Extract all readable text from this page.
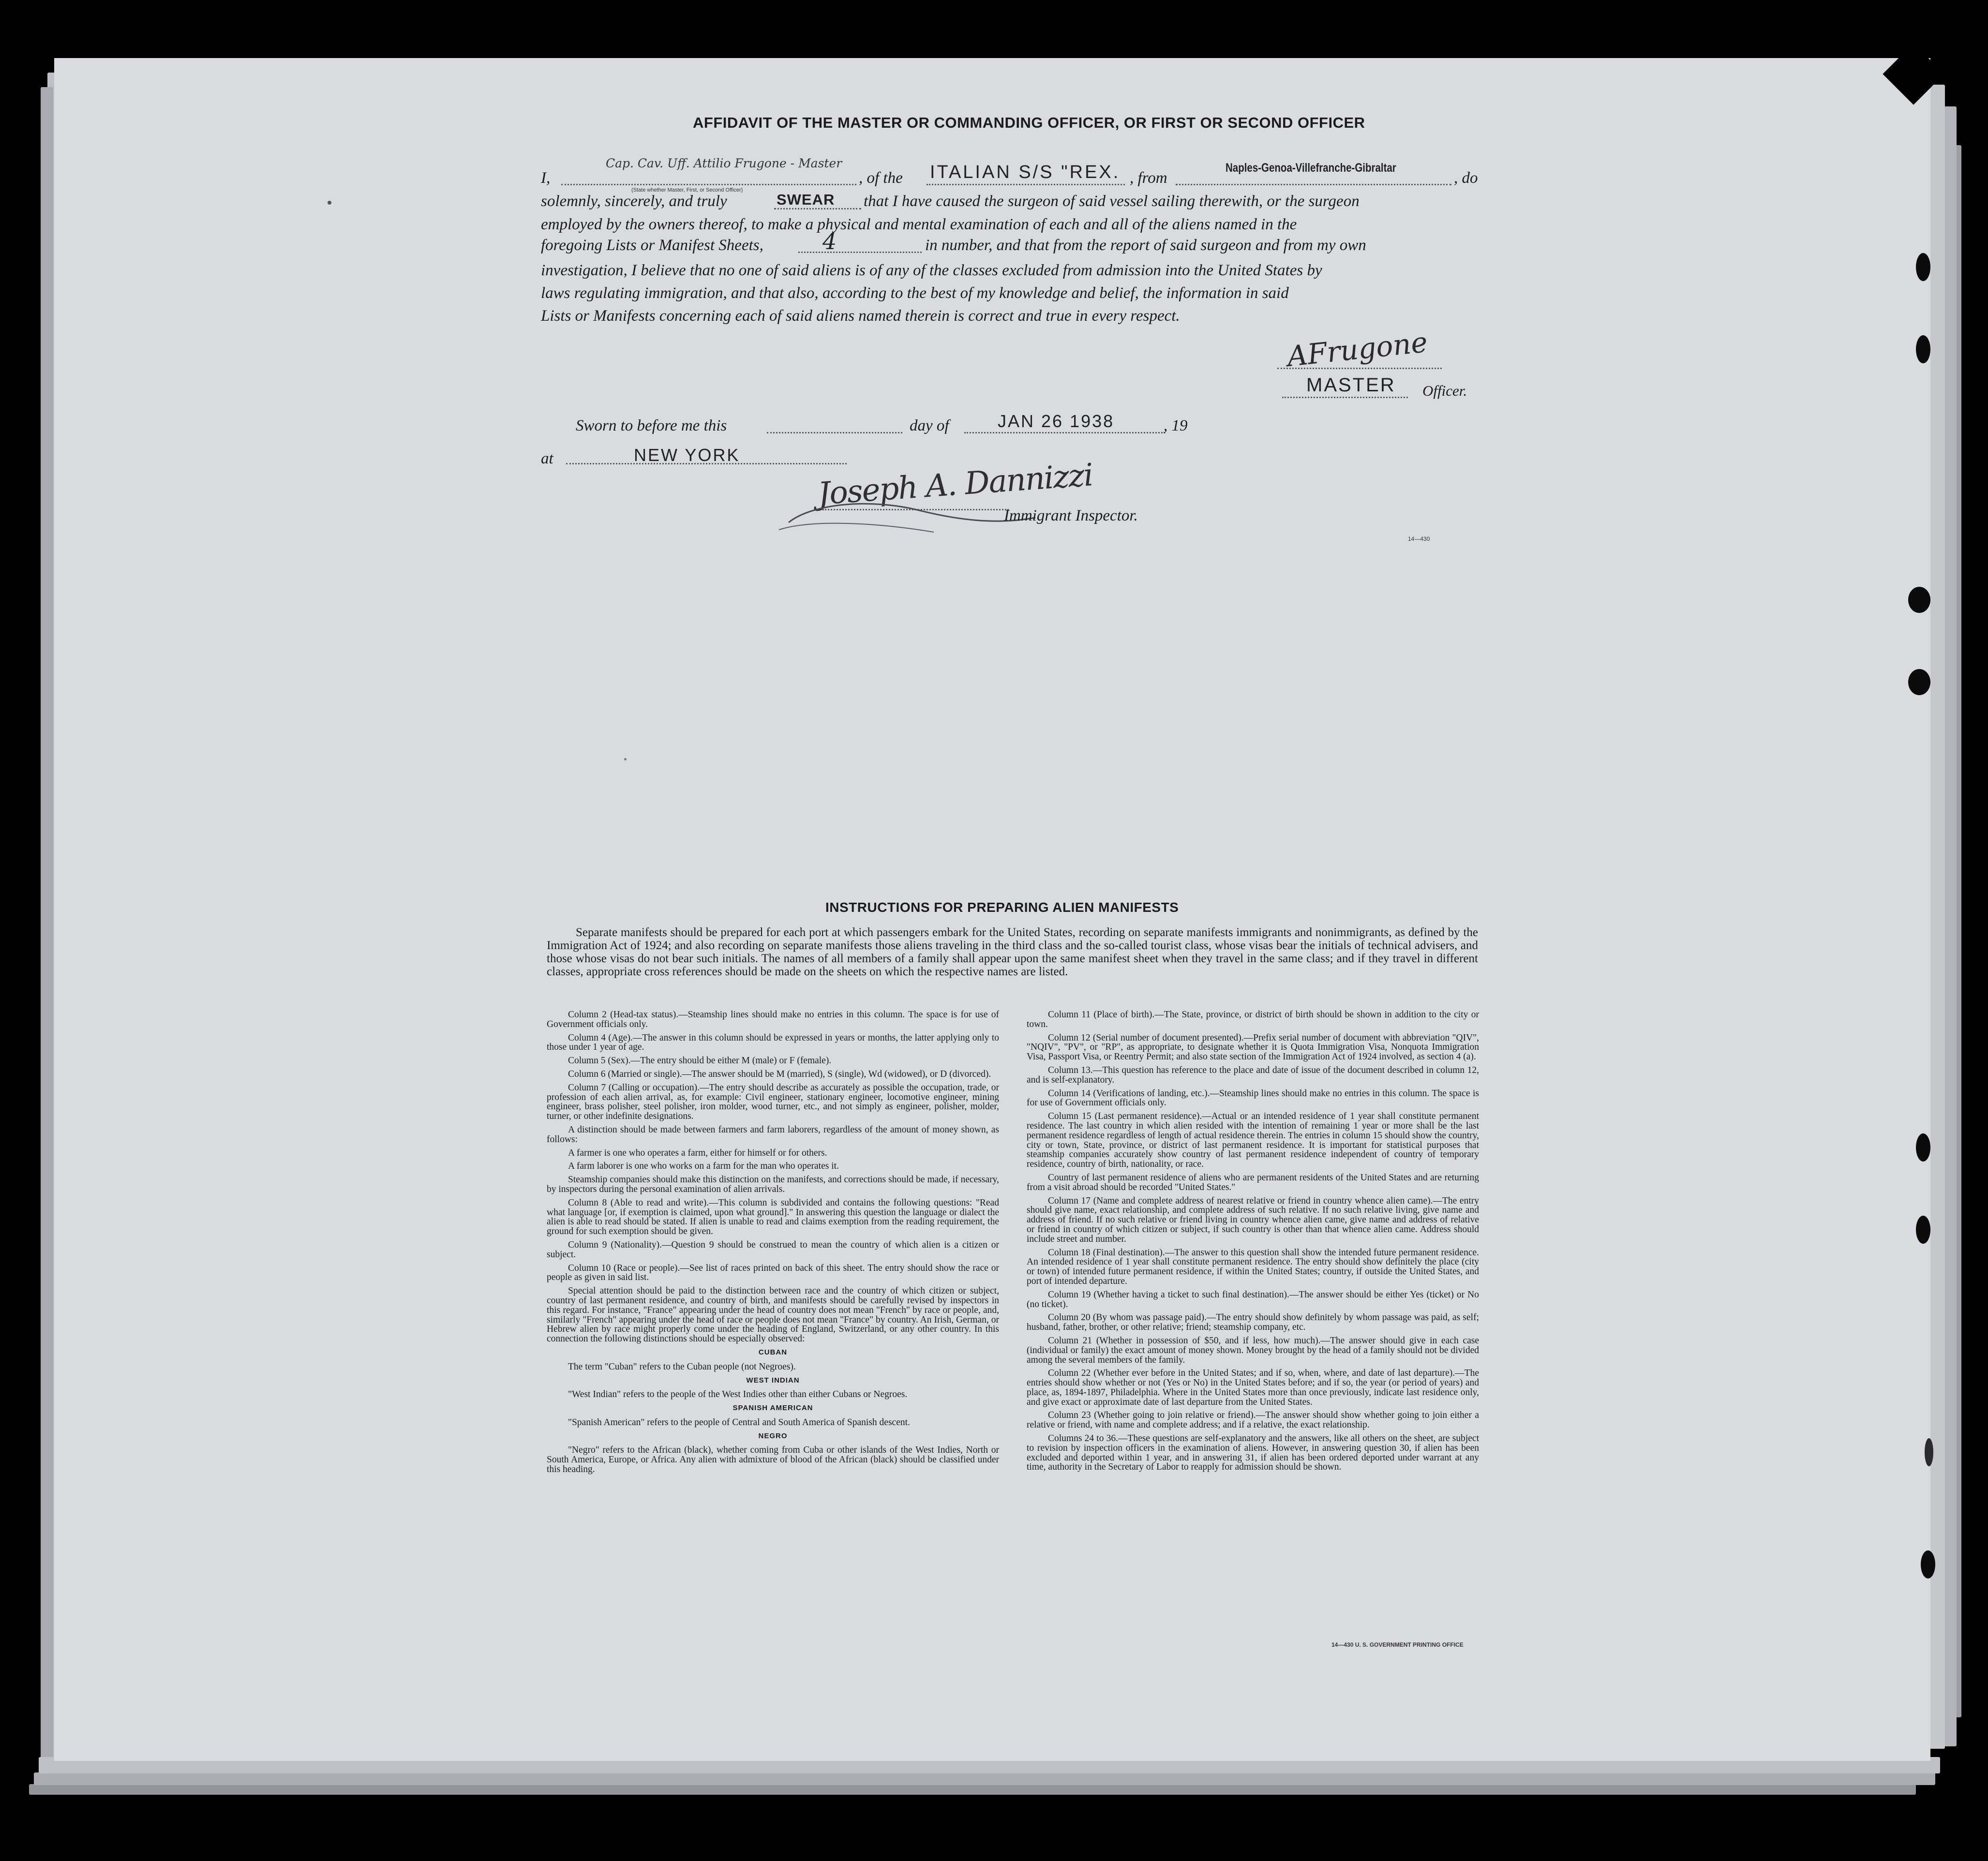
AFFIDAVIT OF THE MASTER OR COMMANDING OFFICER, OR FIRST OR SECOND OFFICER
I,
Cap. Cav. Uff. Attilio Frugone - Master
(State whether Master, First, or Second Officer)
, of the ITALIAN S/S "REX. , from
Naples-Genoa-Villefranche-Gibraltar
, do
solemnly, sincerely, and truly	SWEAR that I have caused the surgeon of said vessel sailing therewith, or the surgeon
employed by the owners thereof, to make a physical and mental examination of each and all of the aliens named in the
foregoing Lists or Manifest Sheets,	4	in number, and that from the report of said surgeon and from my own
investigation, I believe that no one of said aliens is of any of the classes excluded from admission into the United States by
laws regulating immigration, and that also, according to the best of my knowledge and belief, the information in said
Lists or Manifests concerning each of said aliens named therein is correct and true in every respect.
AFrugone
MASTER Officer.
Sworn to before me this	day of	JAN 26 1938	, 19
at	NEW YORK
Joseph A. Dannizzi
Immigrant Inspector.
14—430
INSTRUCTIONS FOR PREPARING ALIEN MANIFESTS
Separate manifests should be prepared for each port at which passengers embark for the United States, recording on separate manifests immigrants and nonimmigrants, as defined by the Immigration Act of 1924; and also recording on separate manifests those aliens traveling in the third class and the so-called tourist class, whose visas bear the initials of technical advisers, and those whose visas do not bear such initials. The names of all members of a family shall appear upon the same manifest sheet when they travel in the same class; and if they travel in different classes, appropriate cross references should be made on the sheets on which the respective names are listed.

Column 2 (Head-tax status).—Steamship lines should make no entries in this column. The space is for use of Government officials only.

Column 4 (Age).—The answer in this column should be expressed in years or months, the latter applying only to those under 1 year of age.

Column 5 (Sex).—The entry should be either M (male) or F (female).

Column 6 (Married or single).—The answer should be M (married), S (single), Wd (widowed), or D (divorced).

Column 7 (Calling or occupation).—The entry should describe as accurately as possible the occupation, trade, or profession of each alien arrival, as, for example: Civil engineer, stationary engineer, locomotive engineer, mining engineer, brass polisher, steel polisher, iron molder, wood turner, etc., and not simply as engineer, polisher, molder, turner, or other indefinite designations.

A distinction should be made between farmers and farm laborers, regardless of the amount of money shown, as follows:

A farmer is one who operates a farm, either for himself or for others.

A farm laborer is one who works on a farm for the man who operates it.

Steamship companies should make this distinction on the manifests, and corrections should be made, if necessary, by inspectors during the personal examination of alien arrivals.

Column 8 (Able to read and write).—This column is subdivided and contains the following questions: "Read what language [or, if exemption is claimed, upon what ground]." In answering this question the language or dialect the alien is able to read should be stated. If alien is unable to read and claims exemption from the reading requirement, the ground for such exemption should be given.

Column 9 (Nationality).—Question 9 should be construed to mean the country of which alien is a citizen or subject.

Column 10 (Race or people).—See list of races printed on back of this sheet. The entry should show the race or people as given in said list.

Special attention should be paid to the distinction between race and the country of which citizen or subject, country of last permanent residence, and country of birth, and manifests should be carefully revised by inspectors in this regard. For instance, "France" appearing under the head of country does not mean "French" by race or people, and, similarly "French" appearing under the head of race or people does not mean "France" by country. An Irish, German, or Hebrew alien by race might properly come under the heading of England, Switzerland, or any other country. In this connection the following distinctions should be especially observed:

CUBAN

The term "Cuban" refers to the Cuban people (not Negroes).

WEST INDIAN

"West Indian" refers to the people of the West Indies other than either Cubans or Negroes.

SPANISH AMERICAN

"Spanish American" refers to the people of Central and South America of Spanish descent.

NEGRO

"Negro" refers to the African (black), whether coming from Cuba or other islands of the West Indies, North or South America, Europe, or Africa. Any alien with admixture of blood of the African (black) should be classified under this heading.

Column 11 (Place of birth).—The State, province, or district of birth should be shown in addition to the city or town.

Column 12 (Serial number of document presented).—Prefix serial number of document with abbreviation "QIV", "NQIV", "PV", or "RP", as appropriate, to designate whether it is Quota Immigration Visa, Nonquota Immigration Visa, Passport Visa, or Reentry Permit; and also state section of the Immigration Act of 1924 involved, as section 4 (a).

Column 13.—This question has reference to the place and date of issue of the document described in column 12, and is self-explanatory.

Column 14 (Verifications of landing, etc.).—Steamship lines should make no entries in this column. The space is for use of Government officials only.

Column 15 (Last permanent residence).—Actual or an intended residence of 1 year shall constitute permanent residence. The last country in which alien resided with the intention of remaining 1 year or more shall be the last permanent residence regardless of length of actual residence therein. The entries in column 15 should show the country, city or town, State, province, or district of last permanent residence. It is important for statistical purposes that steamship companies accurately show country of last permanent residence independent of country of temporary residence, country of birth, nationality, or race.

Country of last permanent residence of aliens who are permanent residents of the United States and are returning from a visit abroad should be recorded "United States."

Column 17 (Name and complete address of nearest relative or friend in country whence alien came).—The entry should give name, exact relationship, and complete address of such relative. If no such relative living, give name and address of friend. If no such relative or friend living in country whence alien came, give name and address of relative or friend in country of which citizen or subject, if such country is other than that whence alien came. Address should include street and number.

Column 18 (Final destination).—The answer to this question shall show the intended future permanent residence. An intended residence of 1 year shall constitute permanent residence. The entry should show definitely the place (city or town) of intended future permanent residence, if within the United States; country, if outside the United States, and port of intended departure.

Column 19 (Whether having a ticket to such final destination).—The answer should be either Yes (ticket) or No (no ticket).

Column 20 (By whom was passage paid).—The entry should show definitely by whom passage was paid, as self; husband, father, brother, or other relative; friend; steamship company, etc.

Column 21 (Whether in possession of $50, and if less, how much).—The answer should give in each case (individual or family) the exact amount of money shown. Money brought by the head of a family should not be divided among the several members of the family.

Column 22 (Whether ever before in the United States; and if so, when, where, and date of last departure).—The entries should show whether or not (Yes or No) in the United States before; and if so, the year (or period of years) and place, as, 1894-1897, Philadelphia. Where in the United States more than once previously, indicate last residence only, and give exact or approximate date of last departure from the United States.

Column 23 (Whether going to join relative or friend).—The answer should show whether going to join either a relative or friend, with name and complete address; and if a relative, the exact relationship.

Columns 24 to 36.—These questions are self-explanatory and the answers, like all others on the sheet, are subject to revision by inspection officers in the examination of aliens. However, in answering question 30, if alien has been excluded and deported within 1 year, and in answering 31, if alien has been ordered deported under warrant at any time, authority in the Secretary of Labor to reapply for admission should be shown.

14—430 U. S. GOVERNMENT PRINTING OFFICE
